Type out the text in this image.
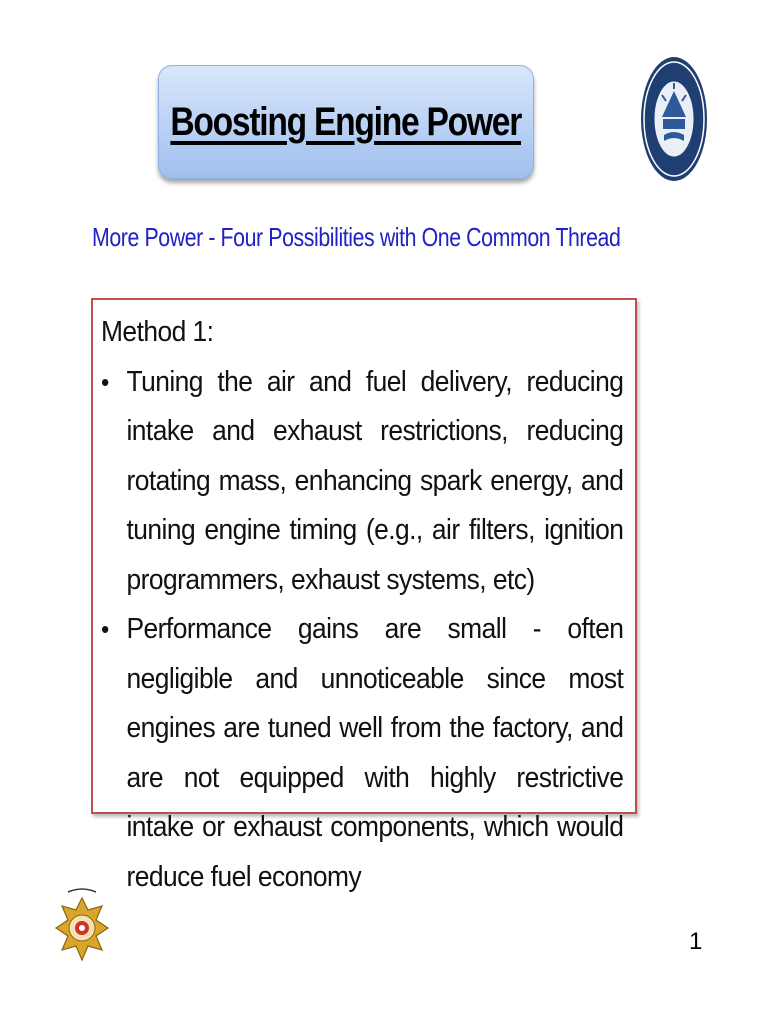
Boosting Engine Power
More Power - Four Possibilities with One Common Thread

Method 1:

• Tuning the air and fuel delivery, reducing intake and exhaust restrictions, reducing rotating mass, enhancing spark energy, and tuning engine timing (e.g., air filters, ignition programmers, exhaust systems, etc)
• Performance gains are small - often negligible and unnoticeable since most engines are tuned well from the factory, and are not equipped with highly restrictive intake or exhaust components, which would reduce fuel economy
1
